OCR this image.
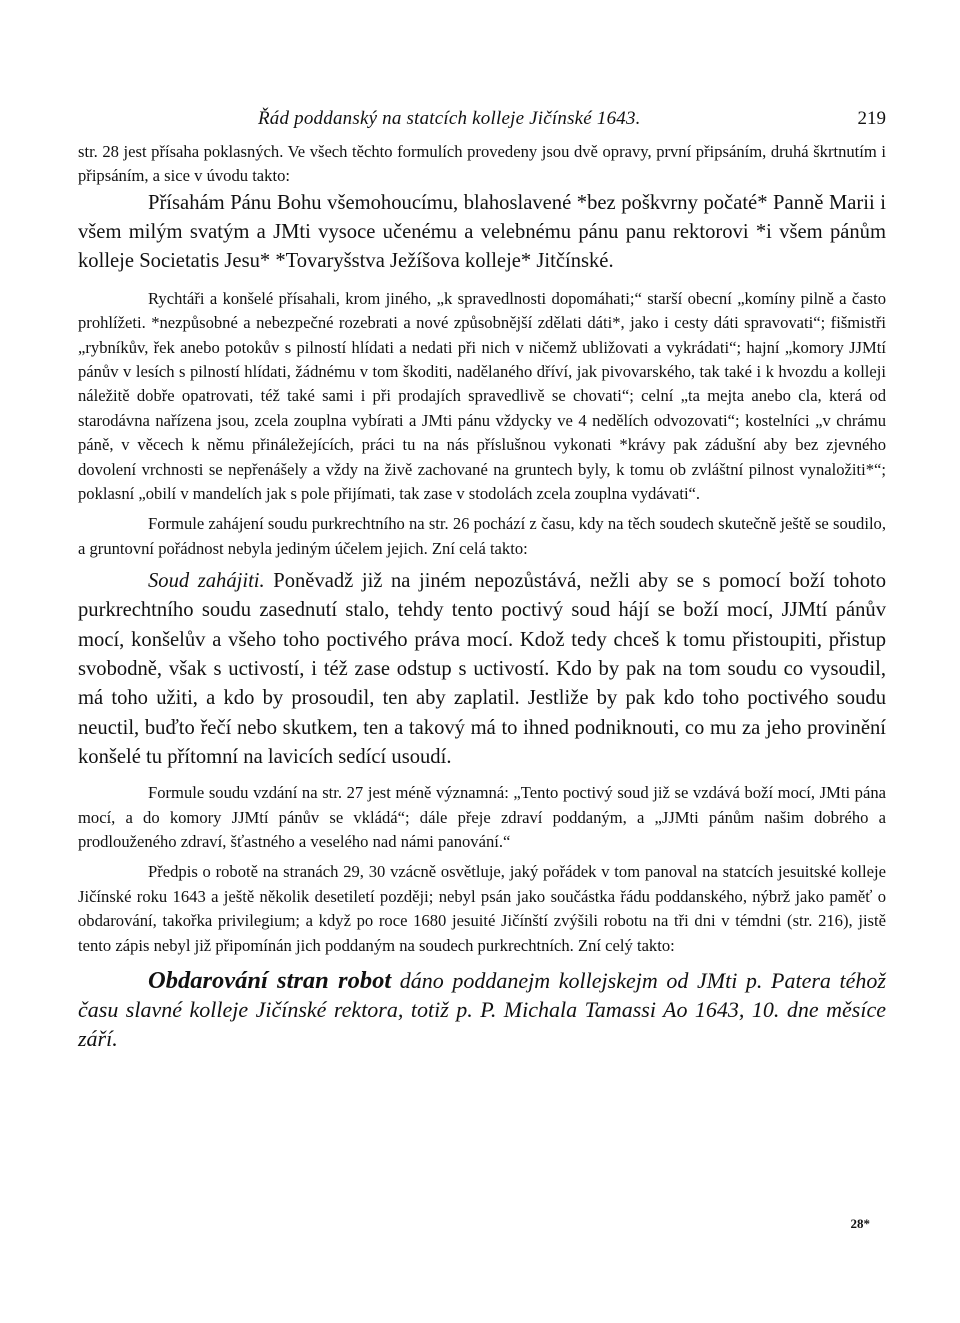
Řád poddanský na statcích kolleje Jičínské 1643.	219

str. 28 jest přísaha poklasných. Ve všech těchto formulích provedeny jsou dvě opravy, první připsáním, druhá škrtnutím i připsáním, a sice v úvodu takto:

Přísahám Pánu Bohu všemohoucímu, blahoslavené *bez poškvrny počaté* Panně Marii i všem milým svatým a JMti vysoce učenému a velebnému pánu panu rektorovi *i všem pánům kolleje Societatis Jesu* *Tovaryšstva Ježíšova kolleje* Jitčínské.

Rychtáři a konšelé přísahali, krom jiného, „k spravedlnosti dopomáhati;“ starší obecní „komíny pilně a často prohlížeti. *nezpůsobné a nebezpečné rozebrati a nové způsobnější zdělati dáti*, jako i cesty dáti spravovati“; fišmistři „rybníkův, řek anebo potokův s pilností hlídati a nedati při nich v ničemž ubližovati a vykrádati“; hajní „komory JJMtí pánův v lesích s pilností hlídati, žádnému v tom škoditi, nadělaného dříví, jak pivovarského, tak také i k hvozdu a kolleji náležitě dobře opatrovati, též také sami i při prodajích spravedlivě se chovati“; celní „ta mejta anebo cla, která od starodávna nařízena jsou, zcela zouplna vybírati a JMti pánu vždycky ve 4 nedělích odvozovati“; kostelníci „v chrámu páně, v věcech k němu přináležejících, práci tu na nás příslušnou vykonati *krávy pak zádušní aby bez zjevného dovolení vrchnosti se nepřenášely a vždy na živě zachované na gruntech byly, k tomu ob zvláštní pilnost vynaložiti*“; poklasní „obilí v mandelích jak s pole přijímati, tak zase v stodolách zcela zouplna vydávati“.

Formule zahájení soudu purkrechtního na str. 26 pochází z času, kdy na těch soudech skutečně ještě se soudilo, a gruntovní pořádnost nebyla jediným účelem jejich. Zní celá takto:

Soud zahájiti. Poněvadž již na jiném nepozůstává, nežli aby se s pomocí boží tohoto purkrechtního soudu zasednutí stalo, tehdy tento poctivý soud hájí se boží mocí, JJMtí pánův mocí, konšelův a všeho toho poctivého práva mocí. Kdož tedy chceš k tomu přistoupiti, přistup svobodně, však s uctivostí, i též zase odstup s uctivostí. Kdo by pak na tom soudu co vysoudil, má toho užiti, a kdo by prosoudil, ten aby zaplatil. Jestliže by pak kdo toho poctivého soudu neuctil, buďto řečí nebo skutkem, ten a takový má to ihned podniknouti, co mu za jeho provinění konšelé tu přítomní na lavicích sedící usoudí.

Formule soudu vzdání na str. 27 jest méně významná: „Tento poctivý soud již se vzdává boží mocí, JMti pána mocí, a do komory JJMtí pánův se vkládá“; dále přeje zdraví poddaným, a „JJMti pánům našim dobrého a prodlouženého zdraví, šťastného a veselého nad námi panování.“

Předpis o robotě na stranách 29, 30 vzácně osvětluje, jaký pořádek v tom panoval na statcích jesuitské kolleje Jičínské roku 1643 a ještě několik desetiletí později; nebyl psán jako součástka řádu poddanského, nýbrž jako paměť o obdarování, takořka privilegium; a když po roce 1680 jesuité Jičínští zvýšili robotu na tři dni v témdni (str. 216), jistě tento zápis nebyl již připomínán jich poddaným na soudech purkrechtních. Zní celý takto:

Obdarování stran robot dáno poddanejm kollejskejm od JMti p. Patera téhož času slavné kolleje Jičínské rektora, totiž p. P. Michala Tamassi Ao 1643, 10. dne měsíce září.

28*
